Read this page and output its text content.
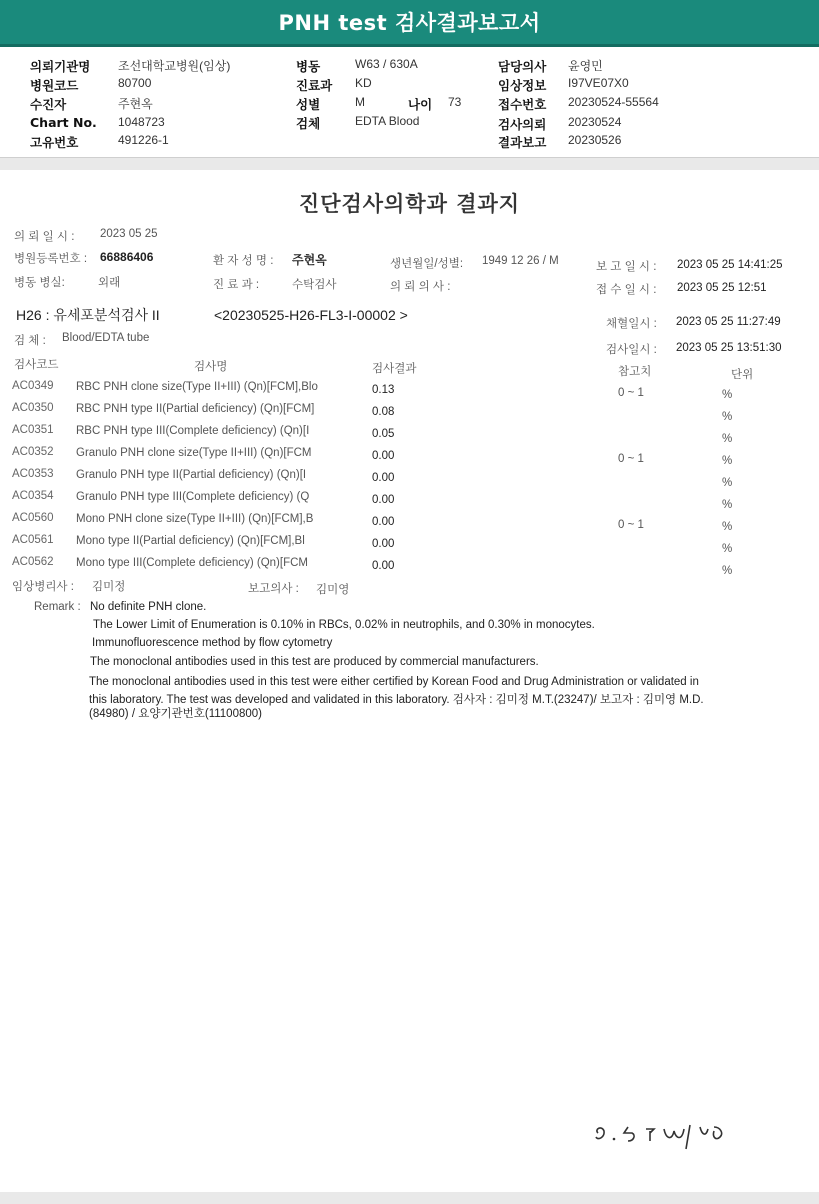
PNH test 검사결과보고서
의뢰기관명 조선대학교병원(임상)
병원코드	80700
수진자	주현옥
Chart No. 1048723
고유번호	491226-1
병동	W63 / 630A
진료과 KD
성별	M	나이 73
검체	EDTA Blood
담당의사 윤영민
임상정보 I97VE07X0
접수번호 20230524-55564
검사의뢰 20230524
결과보고 20230526
진단검사의학과 결과지
의 뢰 일 시 : 2023 05 25
병원등록번호 : 66886406	환 자 성 명 : 주현옥	생년월일/성별: 1949 12 26 / M	보 고 일 시 : 2023 05 25 14:41:25
병동 병실:	외래	진 료 과 :	수탁검사	의 뢰 의 사 :	접 수 일 시 : 2023 05 25 12:51
H26 : 유세포분석검사 II	<20230525-H26-FL3-I-00002 >
채혈일시 : 2023 05 25 11:27:49
검 체 : Blood/EDTA tube
검사일시 : 2023 05 25 13:51:30
검사코드	검사명	검사결과	참고치	단위
AC0349 RBC PNH clone size(Type II+III) (Qn)[FCM],Blo	0.13	0 ~ 1	%
AC0350 RBC PNH type II(Partial deficiency) (Qn)[FCM]	0.08	%
AC0351 RBC PNH type III(Complete deficiency) (Qn)[I	0.05	%
AC0352 Granulo PNH clone size(Type II+III) (Qn)[FCM	0.00	0 ~ 1	%
AC0353 Granulo PNH type II(Partial deficiency) (Qn)[I	0.00	%
AC0354 Granulo PNH type III(Complete deficiency) (Q	0.00	%
AC0560 Mono PNH clone size(Type II+III) (Qn)[FCM],B	0.00	0 ~ 1	%
AC0561 Mono type II(Partial deficiency) (Qn)[FCM],Bl	0.00	%
AC0562 Mono type III(Complete deficiency) (Qn)[FCM	0.00	%
임상병리사 : 김미정	보고의사 : 김미영
Remark : No definite PNH clone.
The Lower Limit of Enumeration is 0.10% in RBCs, 0.02% in neutrophils, and 0.30% in monocytes.
Immunofluorescence method by flow cytometry
The monoclonal antibodies used in this test are produced by commercial manufacturers.
The monoclonal antibodies used in this test were either certified by Korean Food and Drug Administration or validated in
this laboratory. The test was developed and validated in this laboratory. 검사자 : 김미정 M.T.(23247)/ 보고자 : 김미영 M.D.
(84980) / 요양기관번호(11100800)
